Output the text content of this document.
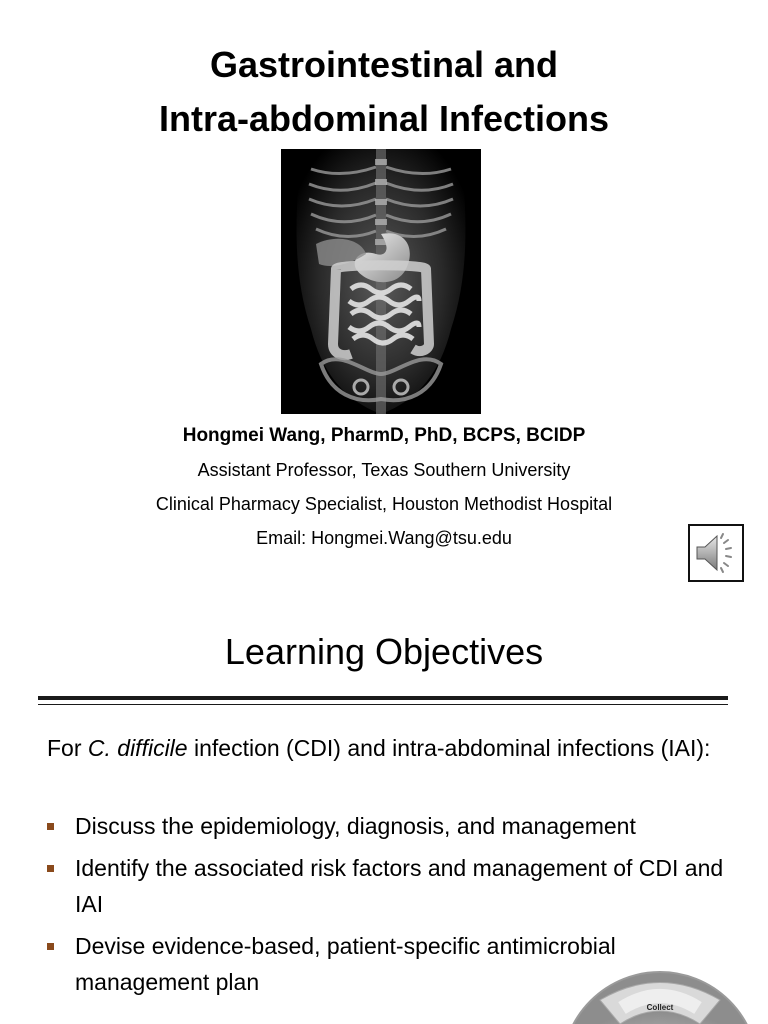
Gastrointestinal and
Intra-abdominal Infections
Hongmei Wang, PharmD, PhD, BCPS, BCIDP
Assistant Professor, Texas Southern University
Clinical Pharmacy Specialist, Houston Methodist Hospital
Email: Hongmei.Wang@tsu.edu
Learning Objectives
For C. difficile infection (CDI) and intra-abdominal infections (IAI):
Discuss the epidemiology, diagnosis, and management
Identify the associated risk factors and management of CDI and IAI
Devise evidence-based, patient-specific antimicrobial management plan
Collect
